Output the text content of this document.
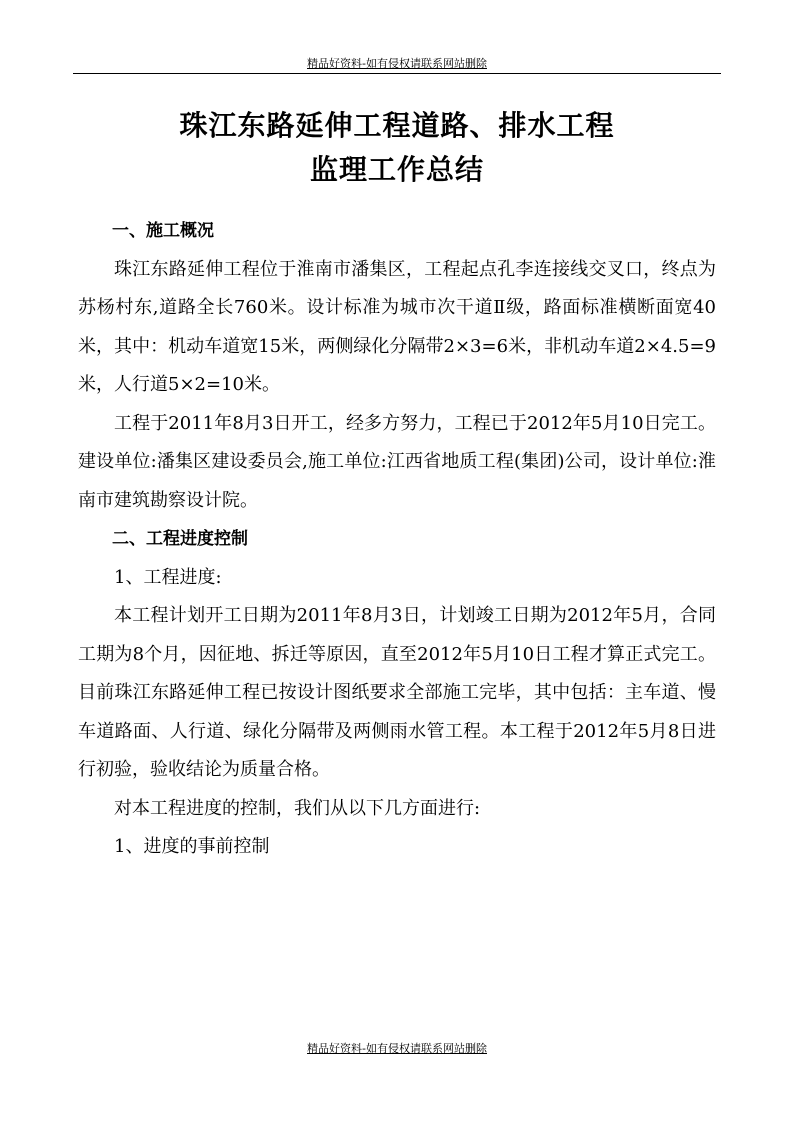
精品好资料-如有侵权请联系网站删除
珠江东路延伸工程道路、排水工程
监理工作总结

一、施工概况

珠江东路延伸工程位于淮南市潘集区，工程起点孔李连接线交叉口，终点为苏杨村东,道路全长760米。设计标准为城市次干道Ⅱ级，路面标准横断面宽40米，其中：机动车道宽15米，两侧绿化分隔带2×3=6米，非机动车道2×4.5=9米，人行道5×2=10米。

工程于2011年8月3日开工，经多方努力，工程已于2012年5月10日完工。建设单位:潘集区建设委员会,施工单位:江西省地质工程(集团)公司，设计单位:淮南市建筑勘察设计院。

二、工程进度控制

1、工程进度:

本工程计划开工日期为2011年8月3日，计划竣工日期为2012年5月，合同工期为8个月，因征地、拆迁等原因，直至2012年5月10日工程才算正式完工。目前珠江东路延伸工程已按设计图纸要求全部施工完毕，其中包括：主车道、慢车道路面、人行道、绿化分隔带及两侧雨水管工程。本工程于2012年5月8日进行初验，验收结论为质量合格。

对本工程进度的控制，我们从以下几方面进行:

1、进度的事前控制

精品好资料-如有侵权请联系网站删除
